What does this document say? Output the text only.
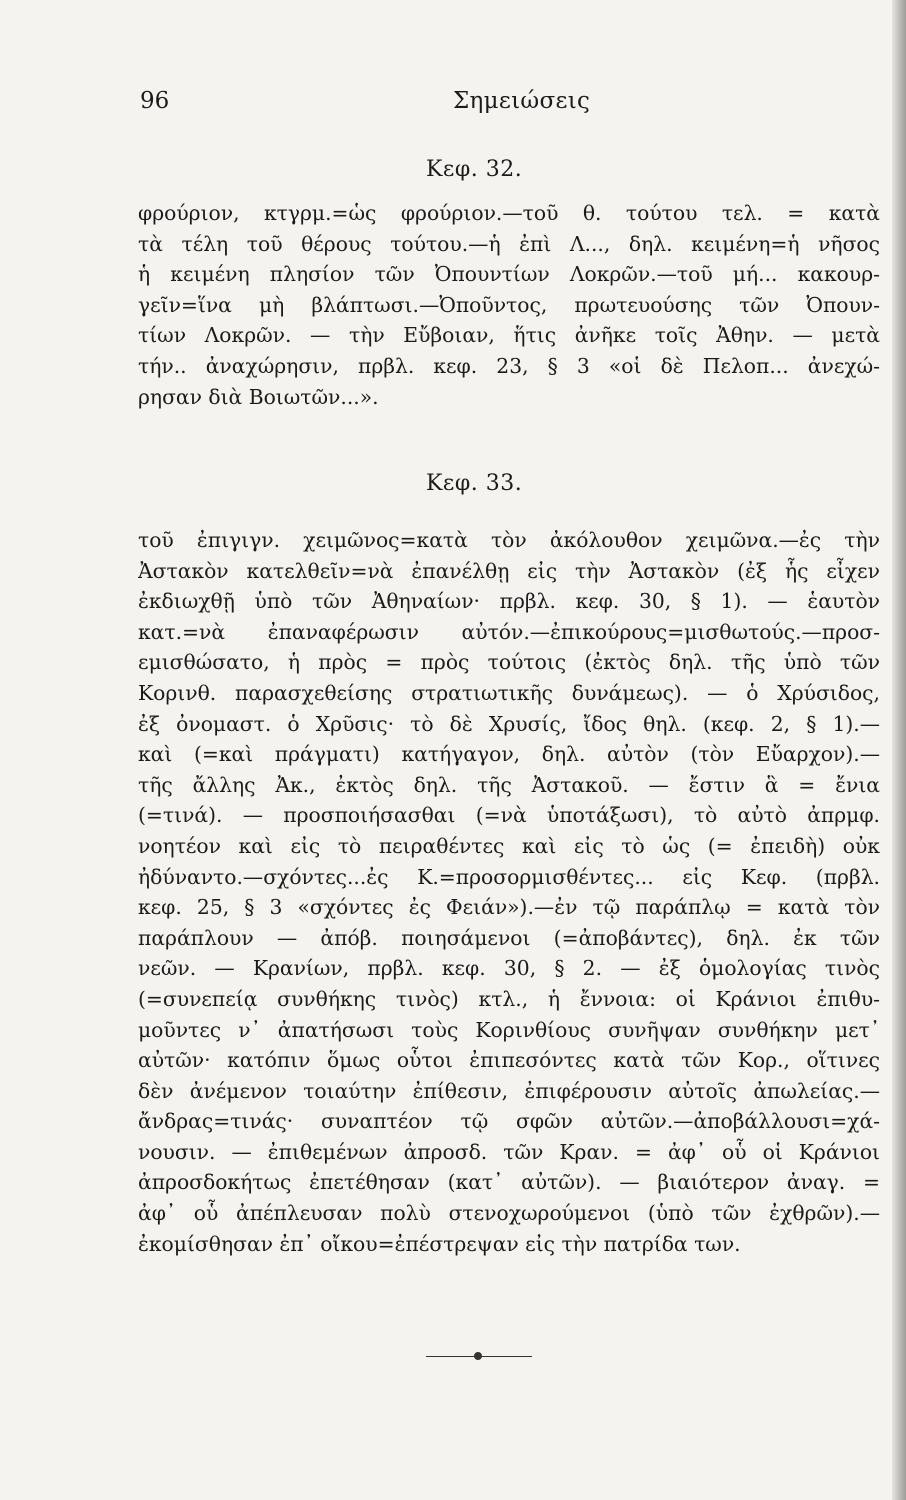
96	Σημειώσεις
Κεφ. 32.
φρούριον, κτγρμ.=ὡς φρούριον.—τοῦ θ. τούτου τελ. = κατὰ
τὰ τέλη τοῦ θέρους τούτου.—ἡ ἐπὶ Λ..., δηλ. κειμένη=ἡ νῆσος
ἡ κειμένη πλησίον τῶν Ὀπουντίων Λοκρῶν.—τοῦ μή... κακουρ-
γεῖν=ἵνα μὴ βλάπτωσι.—Ὀποῦντος, πρωτευούσης τῶν Ὀπουν-
τίων Λοκρῶν. — τὴν Εὔβοιαν, ἥτις ἀνῆκε τοῖς Ἀθην. — μετὰ
τήν.. ἀναχώρησιν, πρβλ. κεφ. 23, § 3 «οἱ δὲ Πελοπ... ἀνεχώ-
ρησαν διὰ Βοιωτῶν...».
Κεφ. 33.
τοῦ ἐπιγιγν. χειμῶνος=κατὰ τὸν ἀκόλουθον χειμῶνα.—ἐς τὴν
Ἀστακὸν κατελθεῖν=νὰ ἐπανέλθῃ εἰς τὴν Ἀστακὸν (ἐξ ἧς εἶχεν
ἐκδιωχθῇ ὑπὸ τῶν Ἀθηναίων· πρβλ. κεφ. 30, § 1). — ἑαυτὸν
κατ.=νὰ ἐπαναφέρωσιν αὐτόν.—ἐπικούρους=μισθωτούς.—προσ-
εμισθώσατο, ἡ πρὸς = πρὸς τούτοις (ἐκτὸς δηλ. τῆς ὑπὸ τῶν
Κορινθ. παρασχεθείσης στρατιωτικῆς δυνάμεως). — ὁ Χρύσιδος,
ἐξ ὀνομαστ. ὁ Χρῦσις· τὸ δὲ Χρυσίς, ἴδος θηλ. (κεφ. 2, § 1).—
καὶ (=καὶ πράγματι) κατήγαγον, δηλ. αὐτὸν (τὸν Εὔαρχον).—
τῆς ἄλλης Ἀκ., ἐκτὸς δηλ. τῆς Ἀστακοῦ. — ἔστιν ἃ = ἔνια
(=τινά). — προσποιήσασθαι (=νὰ ὑποτάξωσι), τὸ αὐτὸ ἀπρμφ.
νοητέον καὶ εἰς τὸ πειραθέντες καὶ εἰς τὸ ὡς (= ἐπειδὴ) οὐκ
ἠδύναντο.—σχόντες...ἐς Κ.=προσορμισθέντες... εἰς Κεφ. (πρβλ.
κεφ. 25, § 3 «σχόντες ἐς Φειάν»).—ἐν τῷ παράπλῳ = κατὰ τὸν
παράπλουν — ἀπόβ. ποιησάμενοι (=ἀποβάντες), δηλ. ἐκ τῶν
νεῶν. — Κρανίων, πρβλ. κεφ. 30, § 2. — ἐξ ὁμολογίας τινὸς
(=συνεπείᾳ συνθήκης τινὸς) κτλ., ἡ ἔννοια: οἱ Κράνιοι ἐπιθυ-
μοῦντες ν᾽ ἀπατήσωσι τοὺς Κορινθίους συνῆψαν συνθήκην μετ᾽
αὐτῶν· κατόπιν ὅμως οὗτοι ἐπιπεσόντες κατὰ τῶν Κορ., οἵτινες
δὲν ἀνέμενον τοιαύτην ἐπίθεσιν, ἐπιφέρουσιν αὐτοῖς ἀπωλείας.—
ἄνδρας=τινάς· συναπτέον τῷ σφῶν αὐτῶν.—ἀποβάλλουσι=χά-
νουσιν. — ἐπιθεμένων ἀπροσδ. τῶν Κραν. = ἀφ᾽ οὗ οἱ Κράνιοι
ἀπροσδοκήτως ἐπετέθησαν (κατ᾽ αὐτῶν). — βιαιότερον ἀναγ. =
ἀφ᾽ οὗ ἀπέπλευσαν πολὺ στενοχωρούμενοι (ὑπὸ τῶν ἐχθρῶν).—
ἐκομίσθησαν ἐπ᾽ οἴκου=ἐπέστρεψαν εἰς τὴν πατρίδα των.
